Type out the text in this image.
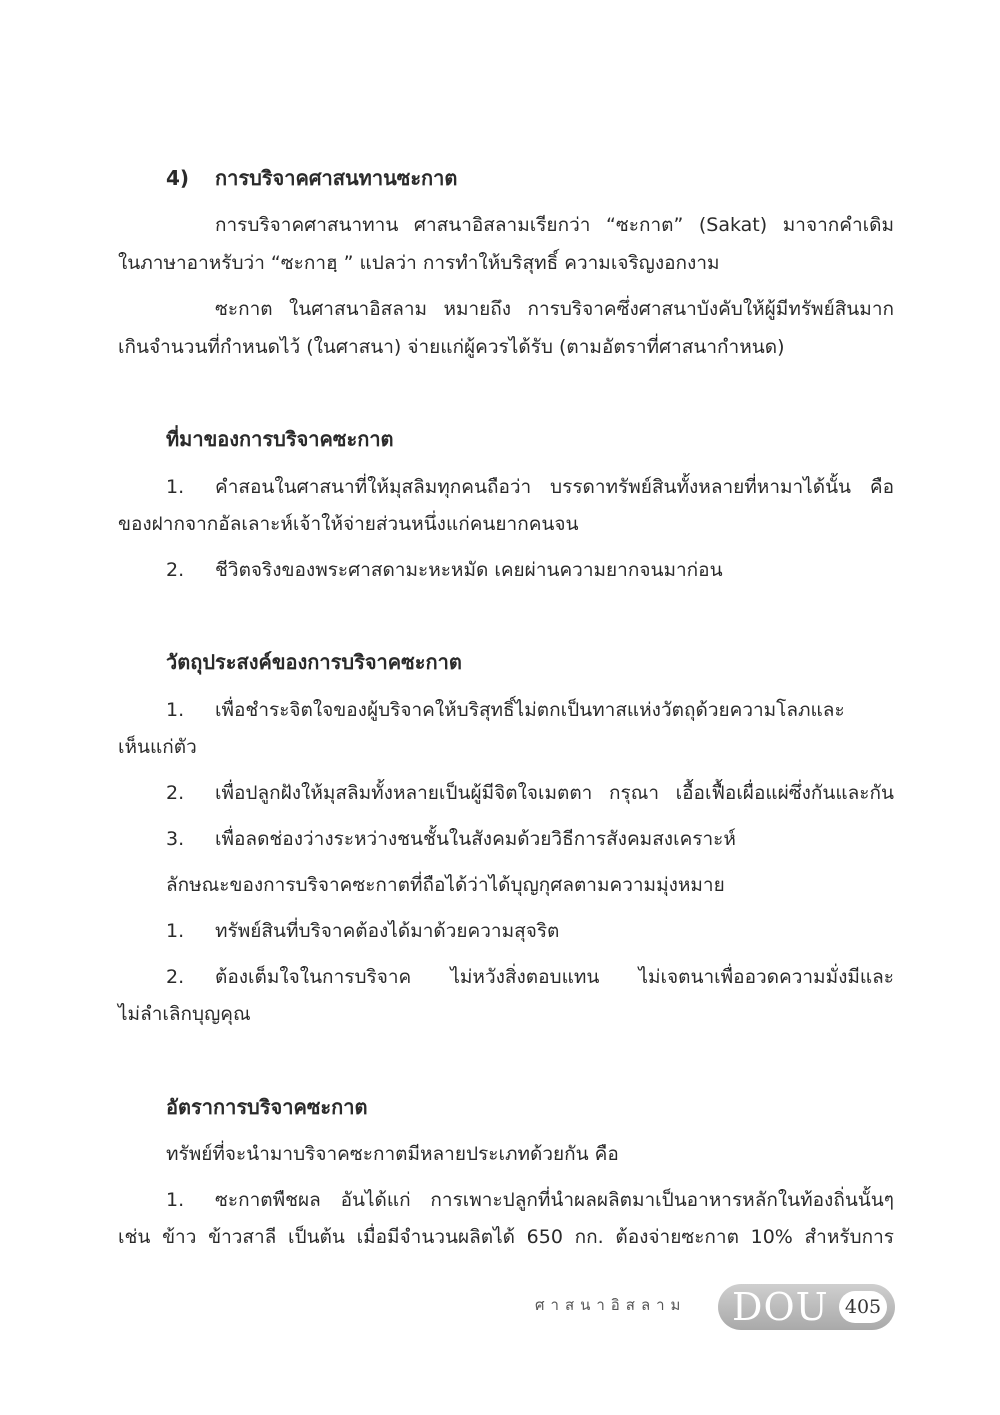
4) การบริจาคศาสนทานซะกาต
การบริจาคศาสนาทาน ศาสนาอิสลามเรียกว่า “ซะกาต” (Sakat) มาจากคำเดิม
ในภาษาอาหรับว่า “ซะกาฮฺ ” แปลว่า การทำให้บริสุทธิ์ ความเจริญงอกงาม
ซะกาต ในศาสนาอิสลาม หมายถึง การบริจาคซึ่งศาสนาบังคับให้ผู้มีทรัพย์สินมาก
เกินจำนวนที่กำหนดไว้ (ในศาสนา) จ่ายแก่ผู้ควรได้รับ (ตามอัตราที่ศาสนากำหนด)
ที่มาของการบริจาคซะกาต
1. คำสอนในศาสนาที่ให้มุสลิมทุกคนถือว่า บรรดาทรัพย์สินทั้งหลายที่หามาได้นั้น คือ
ของฝากจากอัลเลาะห์เจ้าให้จ่ายส่วนหนึ่งแก่คนยากคนจน
2. ชีวิตจริงของพระศาสดามะหะหมัด เคยผ่านความยากจนมาก่อน
วัตถุประสงค์ของการบริจาคซะกาต
1. เพื่อชำระจิตใจของผู้บริจาคให้บริสุทธิ์ไม่ตกเป็นทาสแห่งวัตถุด้วยความโลภและ
เห็นแก่ตัว
2. เพื่อปลูกฝังให้มุสลิมทั้งหลายเป็นผู้มีจิตใจเมตตา กรุณา เอื้อเฟื้อเผื่อแผ่ซึ่งกันและกัน
3. เพื่อลดช่องว่างระหว่างชนชั้นในสังคมด้วยวิธีการสังคมสงเคราะห์
ลักษณะของการบริจาคซะกาตที่ถือได้ว่าได้บุญกุศลตามความมุ่งหมาย
1. ทรัพย์สินที่บริจาคต้องได้มาด้วยความสุจริต
2. ต้องเต็มใจในการบริจาค ไม่หวังสิ่งตอบแทน ไม่เจตนาเพื่ออวดความมั่งมีและ
ไม่ลำเลิกบุญคุณ
อัตราการบริจาคซะกาต
ทรัพย์ที่จะนำมาบริจาคซะกาตมีหลายประเภทด้วยกัน คือ
1. ซะกาตพืชผล อันได้แก่ การเพาะปลูกที่นำผลผลิตมาเป็นอาหารหลักในท้องถิ่นนั้นๆ
เช่น ข้าว ข้าวสาลี เป็นต้น เมื่อมีจำนวนผลิตได้ 650 กก. ต้องจ่ายซะกาต 10% สำหรับการ
ศาสนาอิสลาม DOU 405
